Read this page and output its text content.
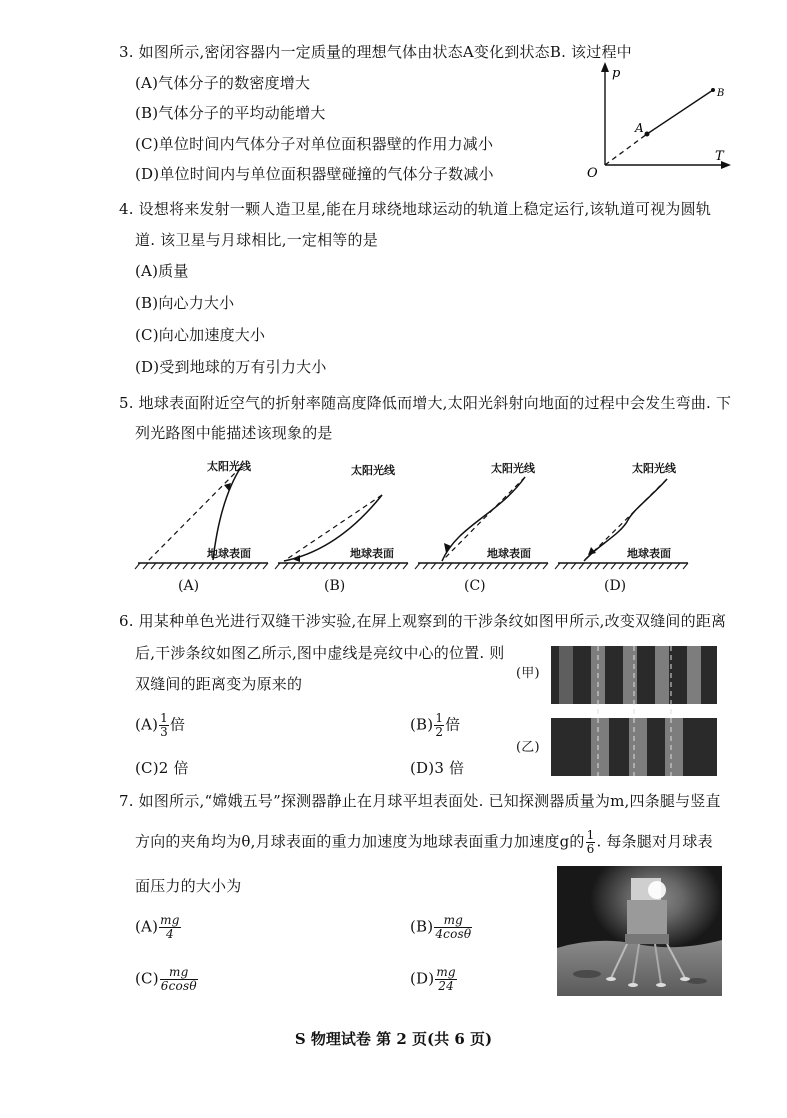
3. 如图所示,密闭容器内一定质量的理想气体由状态A变化到状态B. 该过程中
(A)气体分子的数密度增大
(B)气体分子的平均动能增大
(C)单位时间内气体分子对单位面积器壁的作用力减小
(D)单位时间内与单位面积器壁碰撞的气体分子数减小
p
T
O
A
B
4. 设想将来发射一颗人造卫星,能在月球绕地球运动的轨道上稳定运行,该轨道可视为圆轨
道. 该卫星与月球相比,一定相等的是
(A)质量
(B)向心力大小
(C)向心加速度大小
(D)受到地球的万有引力大小
5. 地球表面附近空气的折射率随高度降低而增大,太阳光斜射向地面的过程中会发生弯曲. 下
列光路图中能描述该现象的是
太阳光线
地球表面
(A)
太阳光线
地球表面
(B)
太阳光线
地球表面
(C)
太阳光线
地球表面
(D)
6. 用某种单色光进行双缝干涉实验,在屏上观察到的干涉条纹如图甲所示,改变双缝间的距离
后,干涉条纹如图乙所示,图中虚线是亮纹中心的位置. 则
双缝间的距离变为原来的
$(A) \frac{1}{3}$ 倍	$(B) \frac{1}{2}$ 倍
(C)2 倍	(D)3 倍
(甲)
(乙)
7. 如图所示,“嫦娥五号”探测器静止在月球平坦表面处. 已知探测器质量为m,四条腿与竖直
方向的夹角均为θ,月球表面的重力加速度为地球表面重力加速度g的 $\frac{1}{6}$ . 每条腿对月球表
面压力的大小为
$(A) \frac{mg}{4}$	$(B) \frac{mg}{4\cos\theta}$
$(C) \frac{mg}{6\cos\theta}$	$(D) \frac{mg}{24}$
S 物理试卷 第 2 页(共 6 页)
